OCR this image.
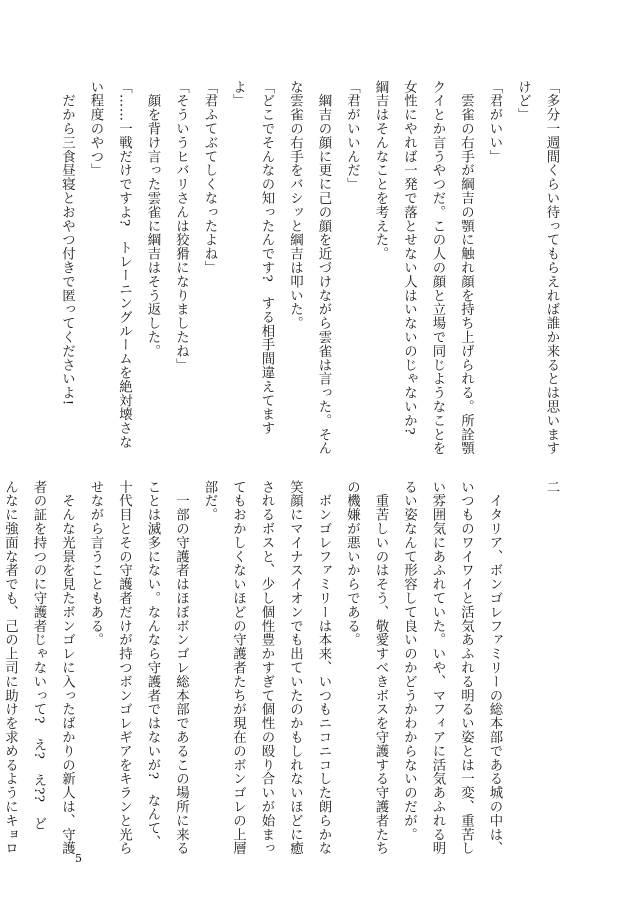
「多分一週間くらい待ってもらえれば誰か来るとは思います
けど」
「君がいい」
　雲雀の右手が綱吉の顎に触れ顔を持ち上げられる。所詮顎
クイとか言うやつだ。この人の顔と立場で同じようなことを
女性にやれば一発で落とせない人はいないのじゃないか?
綱吉はそんなことを考えた。
「君がいいんだ」
　綱吉の顔に更に己の顔を近づけながら雲雀は言った。そん
な雲雀の右手をバシッと綱吉は叩いた。
「どこでそんなの知ったんです?　する相手間違えてます
よ」
「君ふてぶてしくなったよね」
「そういうヒバリさんは狡猾になりましたね」
　顔を背け言った雲雀に綱吉はそう返した。
「……一戦だけですよ?　トレーニングルームを絶対壊さな
い程度のやつ」
　だから三食昼寝とおやつ付きで匿ってくださいよ!
二

　イタリア、ボンゴレファミリーの総本部である城の中は、
いつものワイワイと活気あふれる明るい姿とは一変、重苦し
い雰囲気にあふれていた。いや、マフィアに活気あふれる明
るい姿なんて形容して良いのかどうかわからないのだが。
　重苦しいのはそう、敬愛すべきボスを守護する守護者たち
の機嫌が悪いからである。
　ボンゴレファミリーは本来、いつもニコニコした朗らかな
笑顔にマイナスイオンでも出ていたのかもしれないほどに癒
されるボスと、少し個性豊かすぎて個性の殴り合いが始まっ
てもおかしくないほどの守護者たちが現在のボンゴレの上層
部だ。
　一部の守護者はほぼボンゴレ総本部であるこの場所に来る
ことは滅多にない。なんなら守護者ではないが?　なんて、
十代目とその守護者だけが持つボンゴレギアをキランと光ら
せながら言うこともある。
　そんな光景を見たボンゴレに入ったばかりの新人は、守護
者の証を持つのに守護者じゃないって?　え?　え??　ど
んなに強面な者でも、己の上司に助けを求めるようにキョロ
5
